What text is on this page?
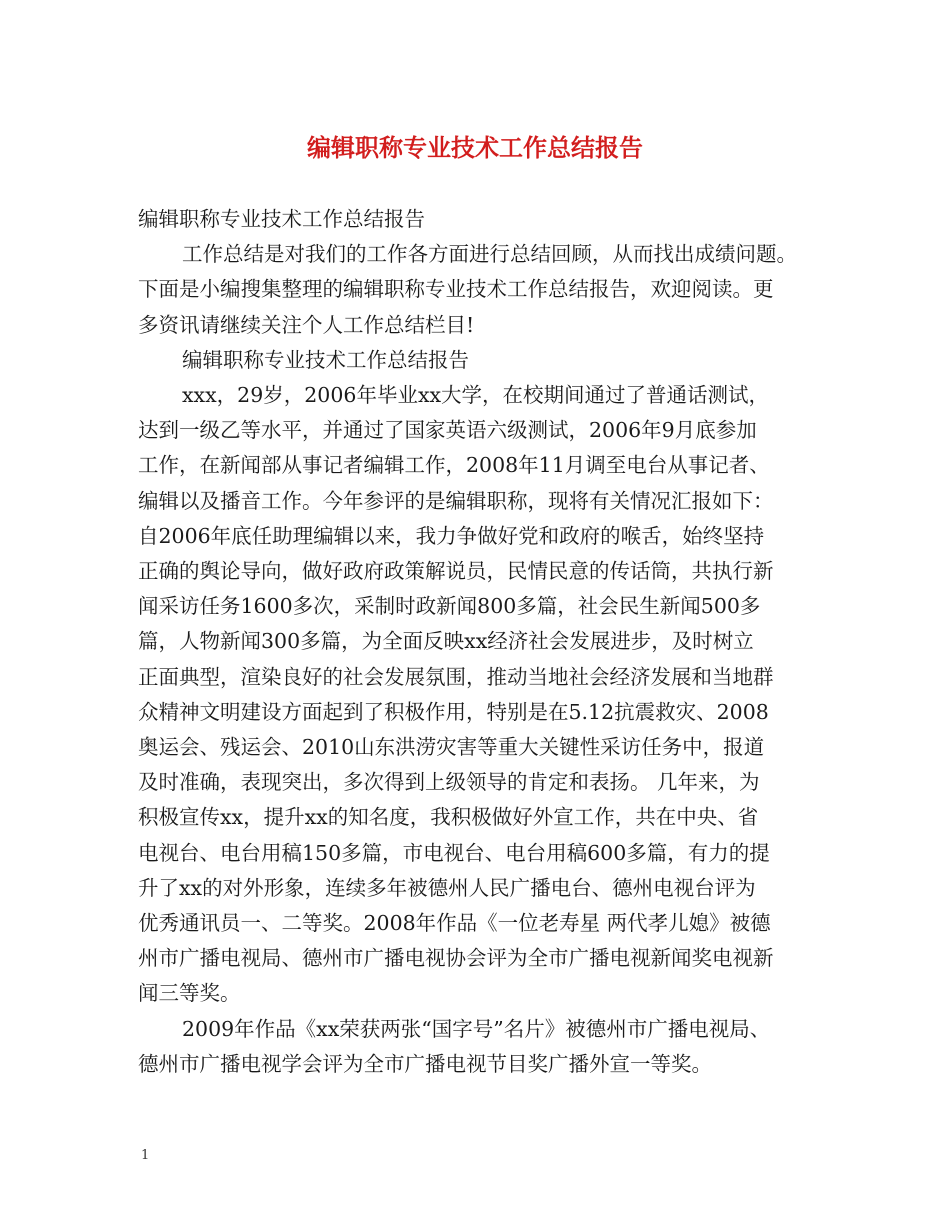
编辑职称专业技术工作总结报告

编辑职称专业技术工作总结报告

工作总结是对我们的工作各方面进行总结回顾，从而找出成绩问题。

下面是小编搜集整理的编辑职称专业技术工作总结报告，欢迎阅读。更

多资讯请继续关注个人工作总结栏目!

编辑职称专业技术工作总结报告

xxx，29岁，2006年毕业xx大学，在校期间通过了普通话测试，

达到一级乙等水平，并通过了国家英语六级测试，2006年9月底参加

工作，在新闻部从事记者编辑工作，2008年11月调至电台从事记者、

编辑以及播音工作。今年参评的是编辑职称，现将有关情况汇报如下：

自2006年底任助理编辑以来，我力争做好党和政府的喉舌，始终坚持

正确的舆论导向，做好政府政策解说员，民情民意的传话筒，共执行新

闻采访任务1600多次，采制时政新闻800多篇，社会民生新闻500多

篇，人物新闻300多篇，为全面反映xx经济社会发展进步，及时树立

正面典型，渲染良好的社会发展氛围，推动当地社会经济发展和当地群

众精神文明建设方面起到了积极作用，特别是在5.12抗震救灾、2008

奥运会、残运会、2010山东洪涝灾害等重大关键性采访任务中，报道

及时准确，表现突出，多次得到上级领导的肯定和表扬。 几年来，为

积极宣传xx，提升xx的知名度，我积极做好外宣工作，共在中央、省

电视台、电台用稿150多篇，市电视台、电台用稿600多篇，有力的提

升了xx的对外形象，连续多年被德州人民广播电台、德州电视台评为

优秀通讯员一、二等奖。2008年作品《一位老寿星 两代孝儿媳》被德

州市广播电视局、德州市广播电视协会评为全市广播电视新闻奖电视新

闻三等奖。

2009年作品《xx荣获两张“国字号”名片》被德州市广播电视局、

德州市广播电视学会评为全市广播电视节目奖广播外宣一等奖。

1
